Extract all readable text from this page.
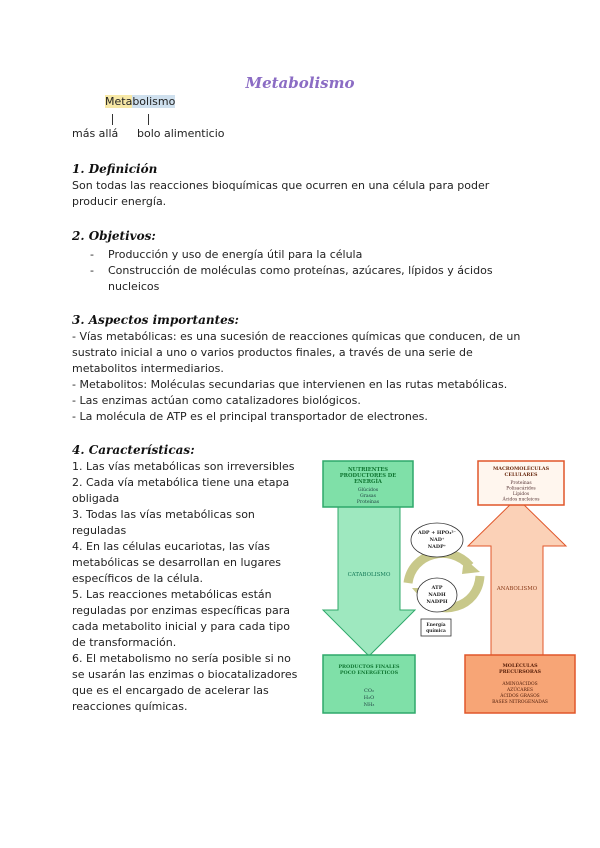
Metabolismo
Metabolismo
más allá bolo alimenticio
1. Definición
Son todas las reacciones bioquímicas que ocurren en una célula para poder
producir energía.
2. Objetivos:
- Producción y uso de energía útil para la célula
- Construcción de moléculas como proteínas, azúcares, lípidos y ácidos
nucleicos
3. Aspectos importantes:
- Vías metabólicas: es una sucesión de reacciones químicas que conducen, de un
sustrato inicial a uno o varios productos finales, a través de una serie de
metabolitos intermediarios.
- Metabolitos: Moléculas secundarias que intervienen en las rutas metabólicas.
- Las enzimas actúan como catalizadores biológicos.
- La molécula de ATP es el principal transportador de electrones.
4. Características:
1. Las vías metabólicas son irreversibles
2. Cada vía metabólica tiene una etapa
obligada
3. Todas las vías metabólicas son
reguladas
4. En las células eucariotas, las vías
metabólicas se desarrollan en lugares
específicos de la célula.
5. Las reacciones metabólicas están
reguladas por enzimas específicas para
cada metabolito inicial y para cada tipo
de transformación.
6. El metabolismo no sería posible si no
se usarán las enzimas o biocatalizadores
que es el encargado de acelerar las
reacciones químicas.
NUTRIENTES
PRODUCTORES DE
ENERGÍA
Glúcidos
Grasas
Proteínas
CATABOLISMO
PRODUCTOS FINALES
POCO ENERGÉTICOS
CO₂
H₂O
NH₃
MACROMOLÉCULAS
CELULARES
Proteínas
Polisacáridos
Lípidos
Ácidos nucleicos
ANABOLISMO
MOLÉCULAS
PRECURSORAS
AMINOÁCIDOS
AZÚCARES
ÁCIDOS GRASOS
BASES NITROGENADAS
ADP + HPO₄²⁻
NAD⁺
NADP⁺
ATP
NADH
NADPH
Energía
química
